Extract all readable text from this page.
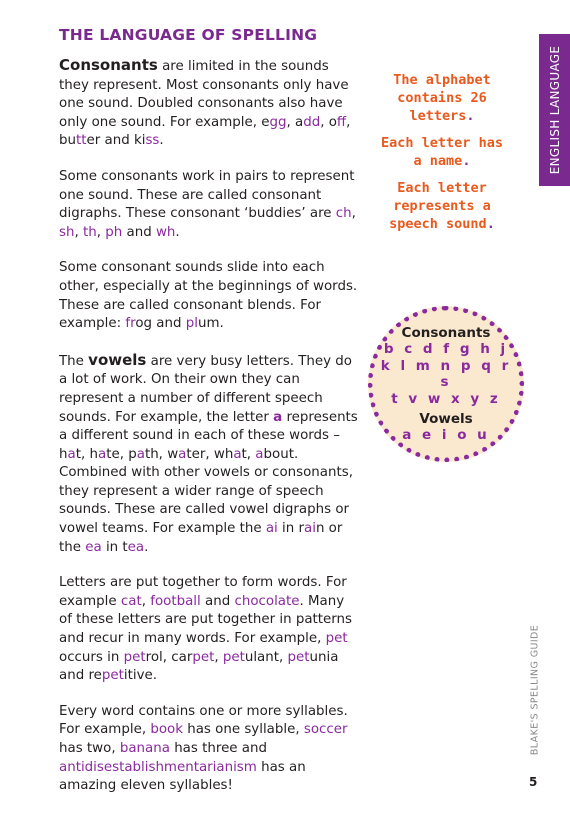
THE LANGUAGE OF SPELLING
ENGLISH LANGUAGE

Consonants are limited in the sounds they represent. Most consonants only have one sound. Doubled consonants also have only one sound. For example, egg, add, off, butter and kiss.

Some consonants work in pairs to represent one sound. These are called consonant digraphs. These consonant ‘buddies’ are ch, sh, th, ph and wh.

Some consonant sounds slide into each other, especially at the beginnings of words. These are called consonant blends. For example: frog and plum.

The vowels are very busy letters. They do a lot of work. On their own they can represent a number of different speech sounds. For example, the letter a represents a different sound in each of these words – hat, hate, path, water, what, about. Combined with other vowels or consonants, they represent a wider range of speech sounds. These are called vowel digraphs or vowel teams. For example the ai in rain or the ea in tea.

Letters are put together to form words. For example cat, football and chocolate. Many of these letters are put together in patterns and recur in many words. For example, pet occurs in petrol, carpet, petulant, petunia and repetitive.

Every word contains one or more syllables. For example, book has one syllable, soccer has two, banana has three and antidisestablishmentarianism has an amazing eleven syllables!

The alphabet
contains 26
letters.
Each letter has
a name.
Each letter
represents a
speech sound.
Consonants
b c d f g h j
k l m n p q r s
t v w x y z
Vowels
a e i o u
BLAKE'S SPELLING GUIDE
5
